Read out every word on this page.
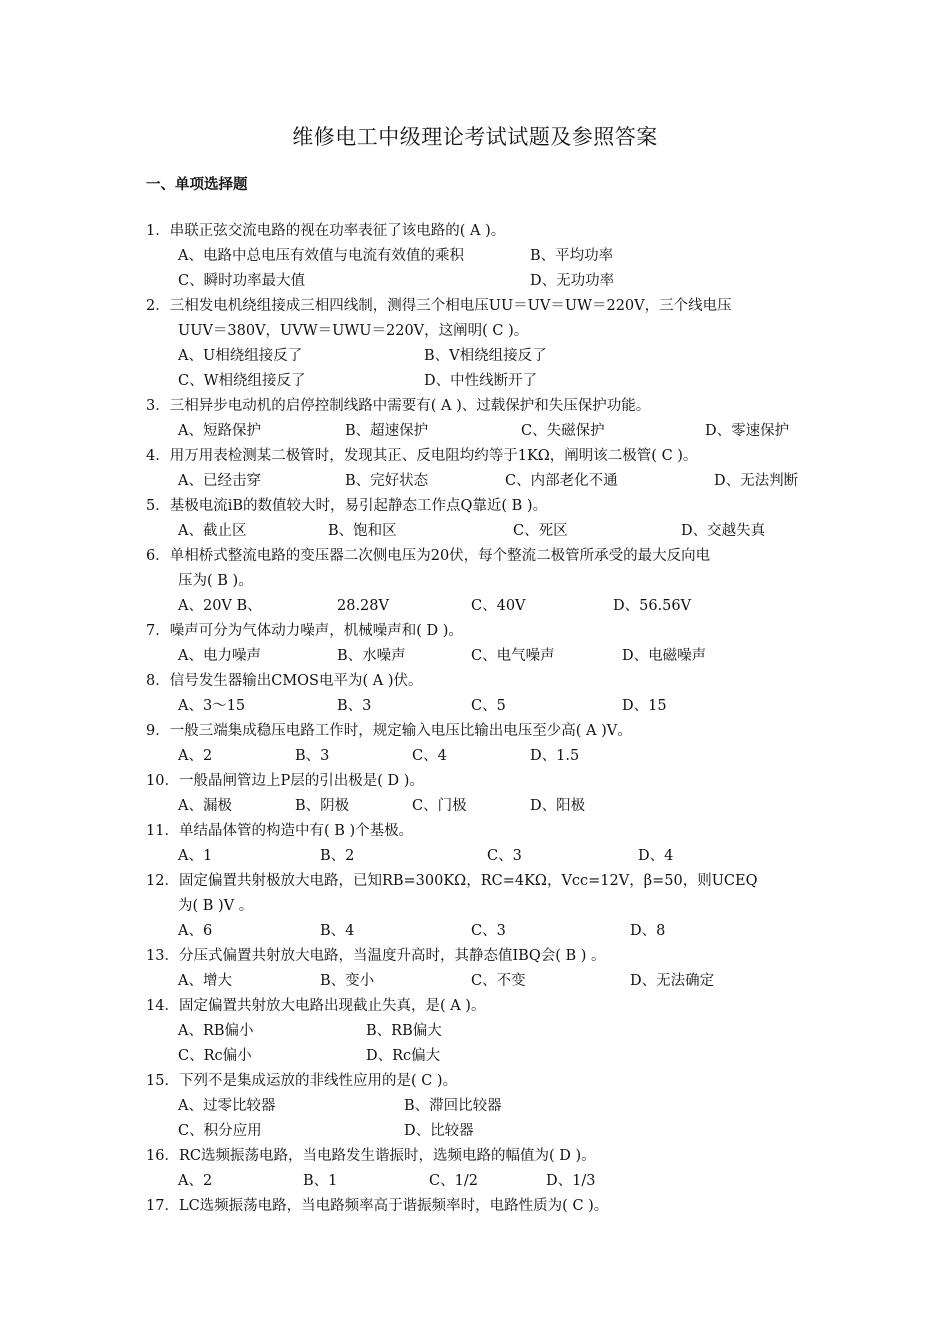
维修电工中级理论考试试题及参照答案
一、单项选择题
1．串联正弦交流电路的视在功率表征了该电路的( A )。
A、电路中总电压有效值与电流有效值的乘积	B、平均功率
C、瞬时功率最大值	D、无功功率
2．三相发电机绕组接成三相四线制，测得三个相电压UU＝UV＝UW＝220V，三个线电压
UUV＝380V，UVW＝UWU＝220V，这阐明( C )。
A、U相绕组接反了	B、V相绕组接反了
C、W相绕组接反了	D、中性线断开了
3．三相异步电动机的启停控制线路中需要有( A )、过载保护和失压保护功能。
A、短路保护	B、超速保护	C、失磁保护	D、零速保护
4．用万用表检测某二极管时，发现其正、反电阻均约等于1KΩ，阐明该二极管( C )。
A、已经击穿	B、完好状态	C、内部老化不通	D、无法判断
5．基极电流iB的数值较大时，易引起静态工作点Q靠近( B )。
A、截止区	B、饱和区	C、死区	D、交越失真
6．单相桥式整流电路的变压器二次侧电压为20伏，每个整流二极管所承受的最大反向电
压为( B )。
A、20V B、	28.28V	C、40V	D、56.56V
7．噪声可分为气体动力噪声，机械噪声和( D )。
A、电力噪声	B、水噪声	C、电气噪声	D、电磁噪声
8．信号发生器输出CMOS电平为( A )伏。
A、3～15	B、3	C、5	D、15
9．一般三端集成稳压电路工作时，规定输入电压比输出电压至少高( A )V。
A、2	B、3	C、4	D、1.5
10．一般晶闸管边上P层的引出极是( D )。
A、漏极	B、阴极	C、门极	D、阳极
11．单结晶体管的构造中有( B )个基极。
A、1	B、2	C、3	D、4
12．固定偏置共射极放大电路，已知RB=300KΩ，RC=4KΩ，Vcc=12V，β=50，则UCEQ
为( B )V 。
A、6	B、4	C、3	D、8
13．分压式偏置共射放大电路，当温度升高时，其静态值IBQ会( B ) 。
A、增大	B、变小	C、不变	D、无法确定
14．固定偏置共射放大电路出现截止失真，是( A )。
A、RB偏小	B、RB偏大
C、Rc偏小	D、Rc偏大
15．下列不是集成运放的非线性应用的是( C )。
A、过零比较器	B、滞回比较器
C、积分应用	D、比较器
16．RC选频振荡电路，当电路发生谐振时，选频电路的幅值为( D )。
A、2	B、1	C、1/2	D、1/3
17．LC选频振荡电路，当电路频率高于谐振频率时，电路性质为( C )。
